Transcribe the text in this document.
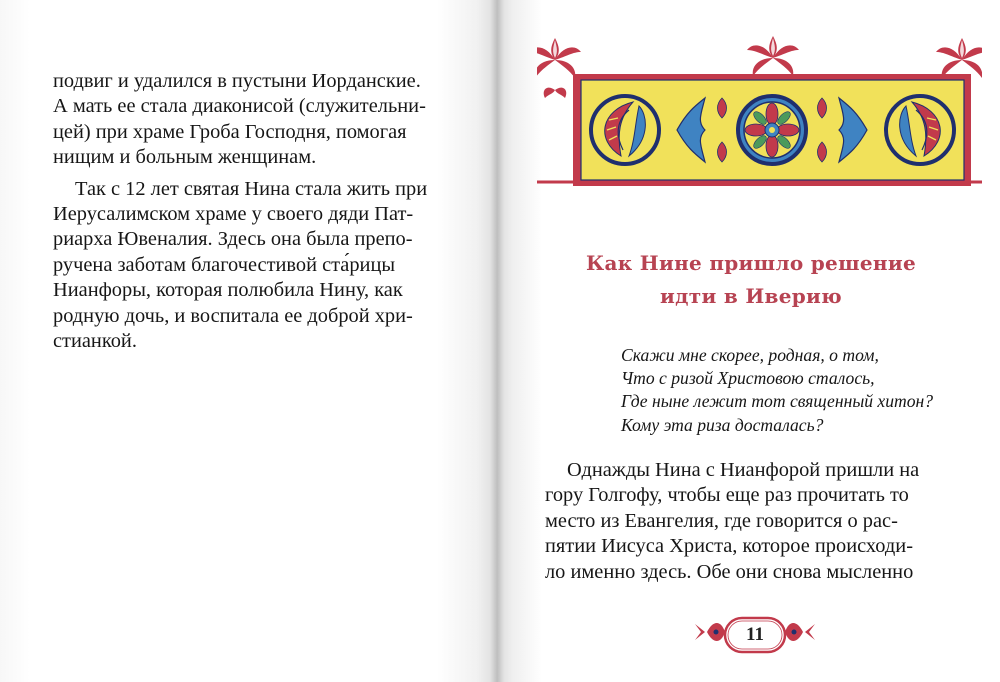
подвиг и удалился в пустыни Иорданские.
А мать ее стала диаконисой (служительни-
цей) при храме Гроба Господня, помогая
нищим и больным женщинам.

Так с 12 лет святая Нина стала жить при
Иерусалимском храме у своего дяди Пат-
риарха Ювеналия. Здесь она была препо-
ручена заботам благочестивой ста́рицы
Нианфоры, которая полюбила Нину, как
родную дочь, и воспитала ее доброй хри-
стианкой.

Как Нине пришло решение
идти в Иверию
Скажи мне скорее, родная, о том,
Что с ризой Христовою сталось,
Где ныне лежит тот священный хитон?
Кому эта риза досталась?

Однажды Нина с Нианфорой пришли на
гору Голгофу, чтобы еще раз прочитать то
место из Евангелия, где говорится о рас-
пятии Иисуса Христа, которое происходи-
ло именно здесь. Обе они снова мысленно

11
